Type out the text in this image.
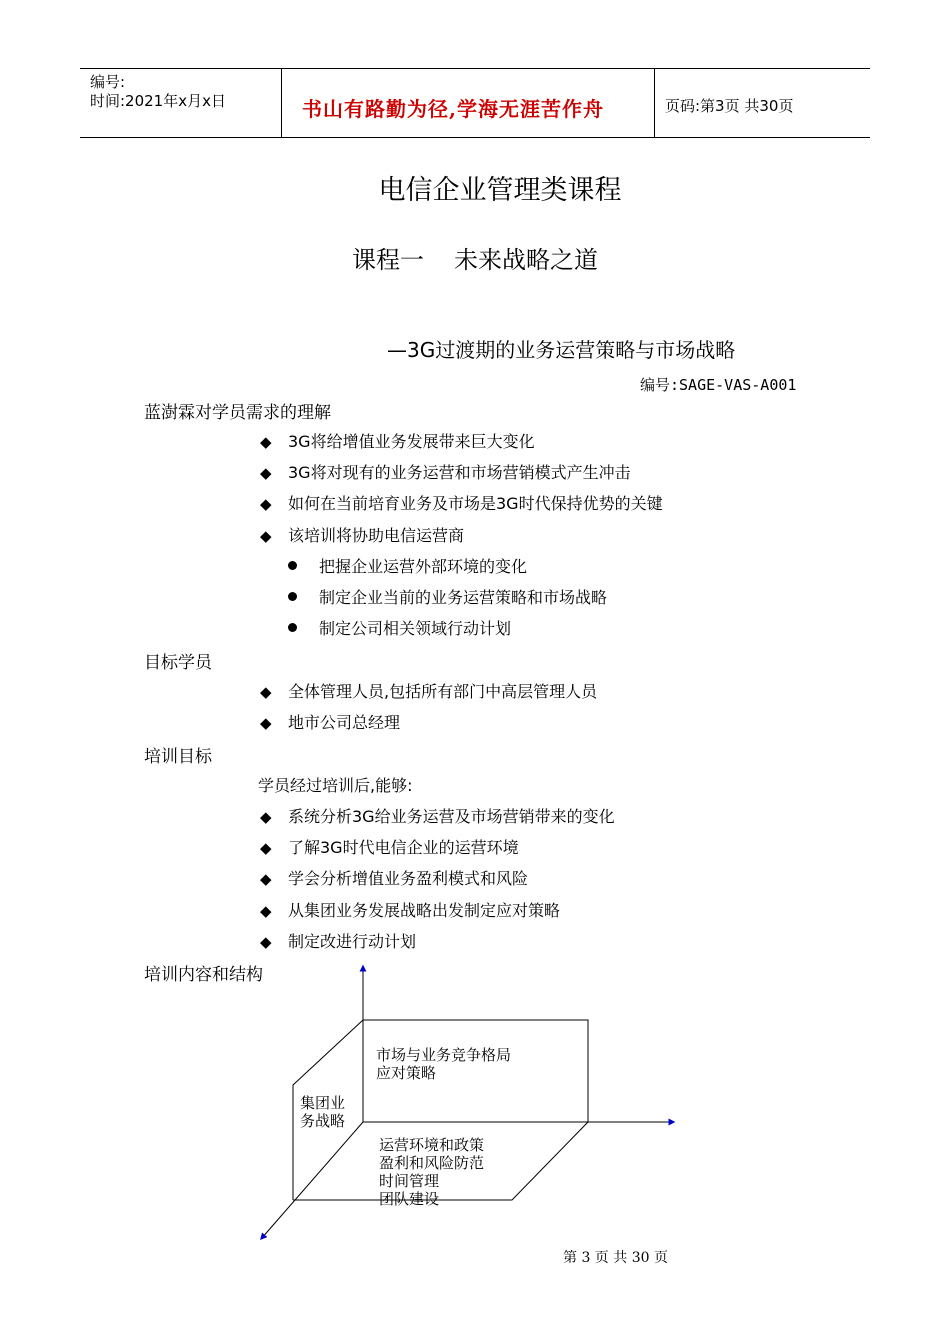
编号:
时间:2021年x月x日	书山有路勤为径,学海无涯苦作舟	页码:第3页 共30页
电信企业管理类课程
课程一 未来战略之道
—3G过渡期的业务运营策略与市场战略
编号:SAGE-VAS-A001
蓝澍霖对学员需求的理解
◆ 3G将给增值业务发展带来巨大变化
◆ 3G将对现有的业务运营和市场营销模式产生冲击
◆ 如何在当前培育业务及市场是3G时代保持优势的关键
◆ 该培训将协助电信运营商
把握企业运营外部环境的变化
制定企业当前的业务运营策略和市场战略
制定公司相关领域行动计划
目标学员
◆ 全体管理人员,包括所有部门中高层管理人员
◆ 地市公司总经理
培训目标
学员经过培训后,能够:
◆ 系统分析3G给业务运营及市场营销带来的变化
◆ 了解3G时代电信企业的运营环境
◆ 学会分析增值业务盈利模式和风险
◆ 从集团业务发展战略出发制定应对策略
◆ 制定改进行动计划
培训内容和结构
市场与业务竞争格局
应对策略
集团业
务战略
运营环境和政策
盈利和风险防范
时间管理
团队建设
第 3 页 共 30 页
